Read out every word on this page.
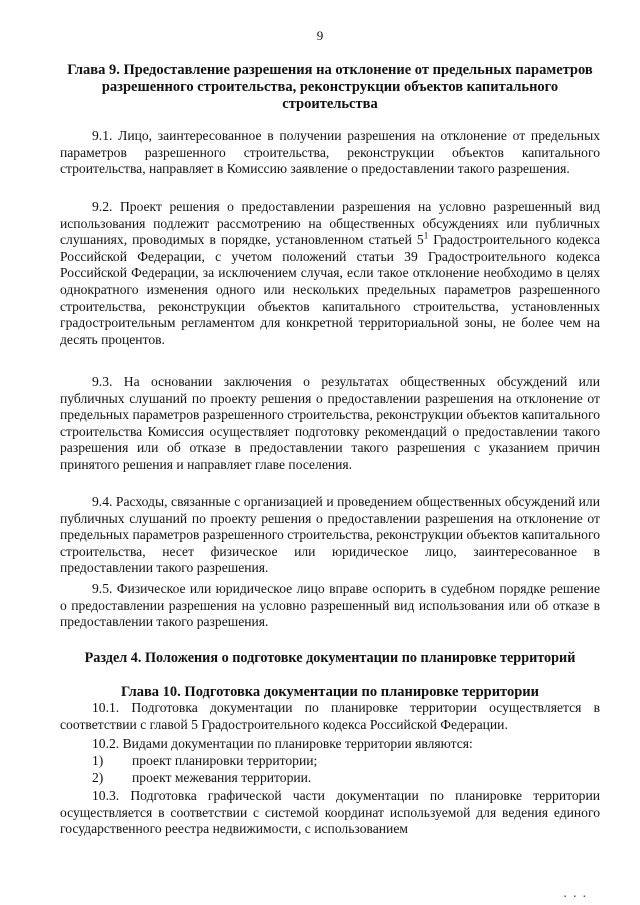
9
Глава 9. Предоставление разрешения на отклонение от предельных параметров разрешенного строительства, реконструкции объектов капитального строительства
9.1. Лицо, заинтересованное в получении разрешения на отклонение от предельных параметров разрешенного строительства, реконструкции объектов капитального строительства, направляет в Комиссию заявление о предоставлении такого разрешения.
9.2. Проект решения о предоставлении разрешения на условно разрешенный вид использования подлежит рассмотрению на общественных обсуждениях или публичных слушаниях, проводимых в порядке, установленном статьей $5^1$ Градостроительного кодекса Российской Федерации, с учетом положений статьи 39 Градостроительного кодекса Российской Федерации, за исключением случая, если такое отклонение необходимо в целях однократного изменения одного или нескольких предельных параметров разрешенного строительства, реконструкции объектов капитального строительства, установленных градостроительным регламентом для конкретной территориальной зоны, не более чем на десять процентов.
9.3. На основании заключения о результатах общественных обсуждений или публичных слушаний по проекту решения о предоставлении разрешения на отклонение от предельных параметров разрешенного строительства, реконструкции объектов капитального строительства Комиссия осуществляет подготовку рекомендаций о предоставлении такого разрешения или об отказе в предоставлении такого разрешения с указанием причин принятого решения и направляет главе поселения.
9.4. Расходы, связанные с организацией и проведением общественных обсуждений или публичных слушаний по проекту решения о предоставлении разрешения на отклонение от предельных параметров разрешенного строительства, реконструкции объектов капитального строительства, несет физическое или юридическое лицо, заинтересованное в предоставлении такого разрешения.
9.5. Физическое или юридическое лицо вправе оспорить в судебном порядке решение о предоставлении разрешения на условно разрешенный вид использования или об отказе в предоставлении такого разрешения.
Раздел 4. Положения о подготовке документации по планировке территорий
Глава 10. Подготовка документации по планировке территории
10.1. Подготовка документации по планировке территории осуществляется в соответствии с главой 5 Градостроительного кодекса Российской Федерации.
10.2. Видами документации по планировке территории являются:
1) проект планировки территории;
2) проект межевания территории.
10.3. Подготовка графической части документации по планировке территории осуществляется в соответствии с системой координат используемой для ведения единого государственного реестра недвижимости, с использованием
▪ ▪ ▪
